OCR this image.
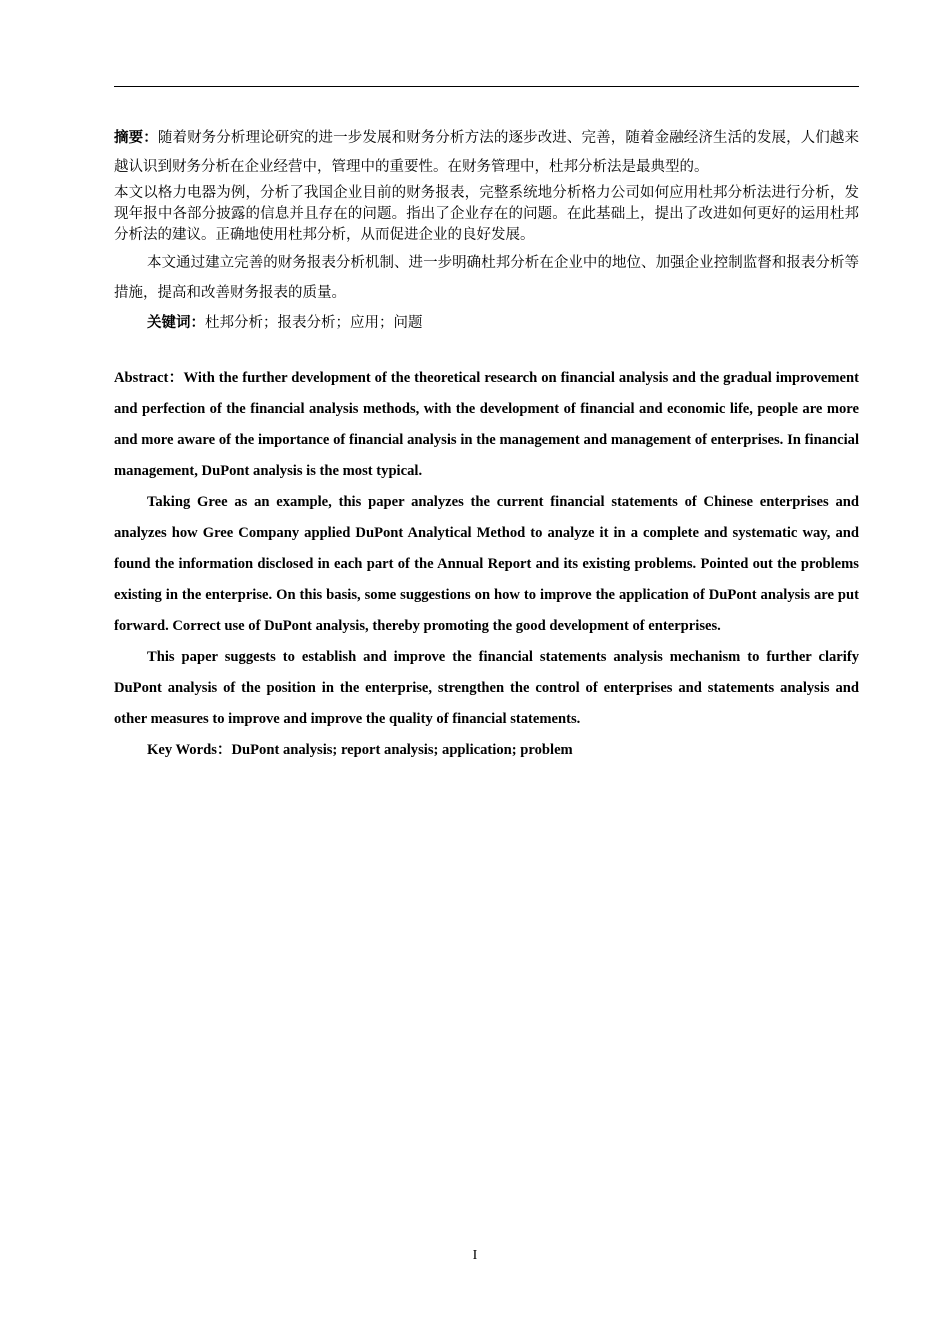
摘要：随着财务分析理论研究的进一步发展和财务分析方法的逐步改进、完善，随着金融经济生活的发展，人们越来越认识到财务分析在企业经营中，管理中的重要性。在财务管理中，杜邦分析法是最典型的。

本文以格力电器为例，分析了我国企业目前的财务报表，完整系统地分析格力公司如何应用杜邦分析法进行分析，发现年报中各部分披露的信息并且存在的问题。指出了企业存在的问题。在此基础上，提出了改进如何更好的运用杜邦分析法的建议。正确地使用杜邦分析，从而促进企业的良好发展。

本文通过建立完善的财务报表分析机制、进一步明确杜邦分析在企业中的地位、加强企业控制监督和报表分析等措施，提高和改善财务报表的质量。

关键词：杜邦分析；报表分析；应用；问题

Abstract：With the further development of the theoretical research on financial analysis and the gradual improvement and perfection of the financial analysis methods, with the development of financial and economic life, people are more and more aware of the importance of financial analysis in the management and management of enterprises. In financial management, DuPont analysis is the most typical.

Taking Gree as an example, this paper analyzes the current financial statements of Chinese enterprises and analyzes how Gree Company applied DuPont Analytical Method to analyze it in a complete and systematic way, and found the information disclosed in each part of the Annual Report and its existing problems. Pointed out the problems existing in the enterprise. On this basis, some suggestions on how to improve the application of DuPont analysis are put forward. Correct use of DuPont analysis, thereby promoting the good development of enterprises.

This paper suggests to establish and improve the financial statements analysis mechanism to further clarify DuPont analysis of the position in the enterprise, strengthen the control of enterprises and statements analysis and other measures to improve and improve the quality of financial statements.

Key Words：DuPont analysis; report analysis; application; problem

I
